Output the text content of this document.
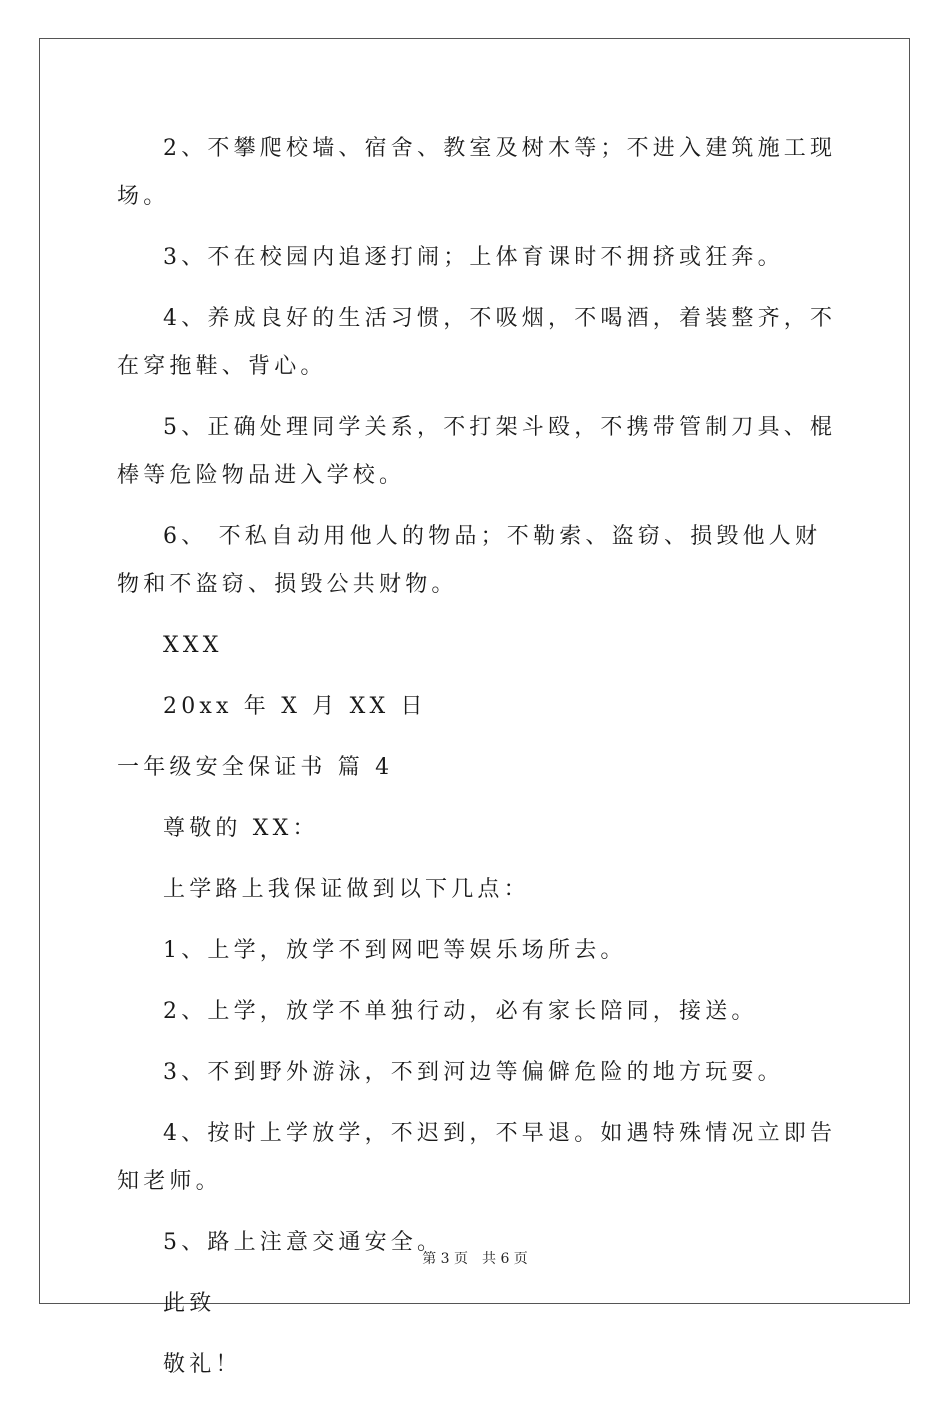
2、不攀爬校墙、宿舍、教室及树木等；不进入建筑施工现场。

3、不在校园内追逐打闹；上体育课时不拥挤或狂奔。

4、养成良好的生活习惯，不吸烟，不喝酒，着装整齐，不在穿拖鞋、背心。

5、正确处理同学关系，不打架斗殴，不携带管制刀具、棍棒等危险物品进入学校。

6、 不私自动用他人的物品；不勒索、盗窃、损毁他人财物和不盗窃、损毁公共财物。

XXX

20xx 年 X 月 XX 日

一年级安全保证书 篇 4

尊敬的 XX：

上学路上我保证做到以下几点：

1、上学，放学不到网吧等娱乐场所去。

2、上学，放学不单独行动，必有家长陪同，接送。

3、不到野外游泳，不到河边等偏僻危险的地方玩耍。

4、按时上学放学，不迟到，不早退。如遇特殊情况立即告知老师。

5、路上注意交通安全。

此致

敬礼！

第 3 页　共 6 页
